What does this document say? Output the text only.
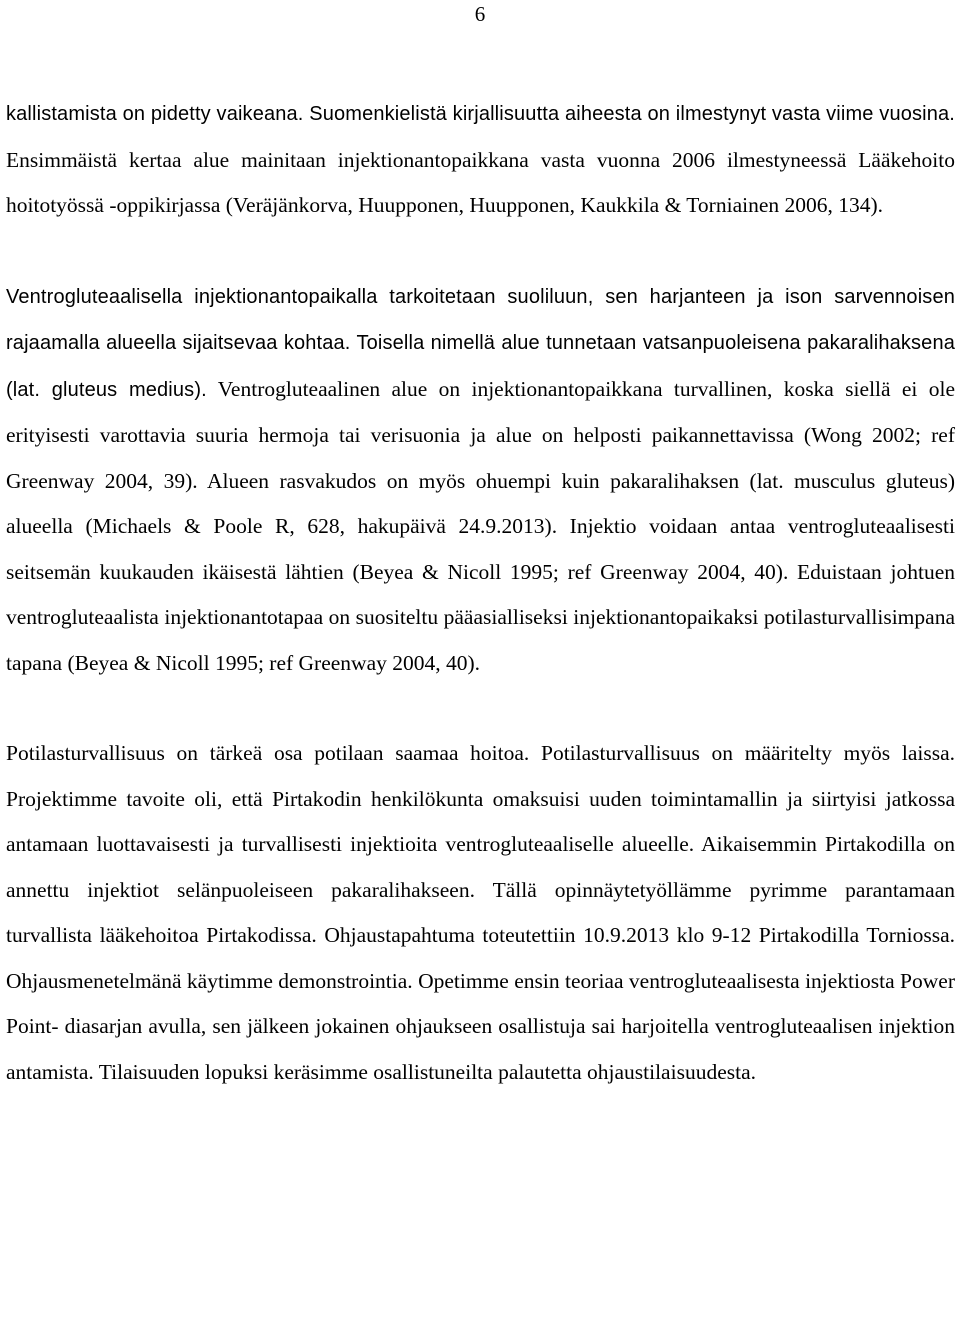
6

kallistamista on pidetty vaikeana. Suomenkielistä kirjallisuutta aiheesta on ilmestynyt vasta viime vuosina. Ensimmäistä kertaa alue mainitaan injektionantopaikkana vasta vuonna 2006 ilmestyneessä Lääkehoito hoitotyössä -oppikirjassa (Veräjänkorva, Huupponen, Huupponen, Kaukkila & Torniainen 2006, 134).

Ventrogluteaalisella injektionantopaikalla tarkoitetaan suoliluun, sen harjanteen ja ison sarvennoisen rajaamalla alueella sijaitsevaa kohtaa. Toisella nimellä alue tunnetaan vatsanpuoleisena pakaralihaksena (lat. gluteus medius). Ventrogluteaalinen alue on injektionantopaikkana turvallinen, koska siellä ei ole erityisesti varottavia suuria hermoja tai verisuonia ja alue on helposti paikannettavissa (Wong 2002; ref Greenway 2004, 39). Alueen rasvakudos on myös ohuempi kuin pakaralihaksen (lat. musculus gluteus) alueella (Michaels & Poole R, 628, hakupäivä 24.9.2013). Injektio voidaan antaa ventrogluteaalisesti seitsemän kuukauden ikäisestä lähtien (Beyea & Nicoll 1995; ref Greenway 2004, 40). Eduistaan johtuen ventrogluteaalista injektionantotapaa on suositeltu pääasialliseksi injektionantopaikaksi potilasturvallisimpana tapana (Beyea & Nicoll 1995; ref Greenway 2004, 40).

Potilasturvallisuus on tärkeä osa potilaan saamaa hoitoa. Potilasturvallisuus on määritelty myös laissa. Projektimme tavoite oli, että Pirtakodin henkilökunta omaksuisi uuden toimintamallin ja siirtyisi jatkossa antamaan luottavaisesti ja turvallisesti injektioita ventrogluteaaliselle alueelle. Aikaisemmin Pirtakodilla on annettu injektiot selänpuoleiseen pakaralihakseen. Tällä opinnäytetyöllämme pyrimme parantamaan turvallista lääkehoitoa Pirtakodissa. Ohjaustapahtuma toteutettiin 10.9.2013 klo 9-12 Pirtakodilla Torniossa. Ohjausmenetelmänä käytimme demonstrointia. Opetimme ensin teoriaa ventrogluteaalisesta injektiosta Power Point- diasarjan avulla, sen jälkeen jokainen ohjaukseen osallistuja sai harjoitella ventrogluteaalisen injektion antamista. Tilaisuuden lopuksi keräsimme osallistuneilta palautetta ohjaustilaisuudesta.
